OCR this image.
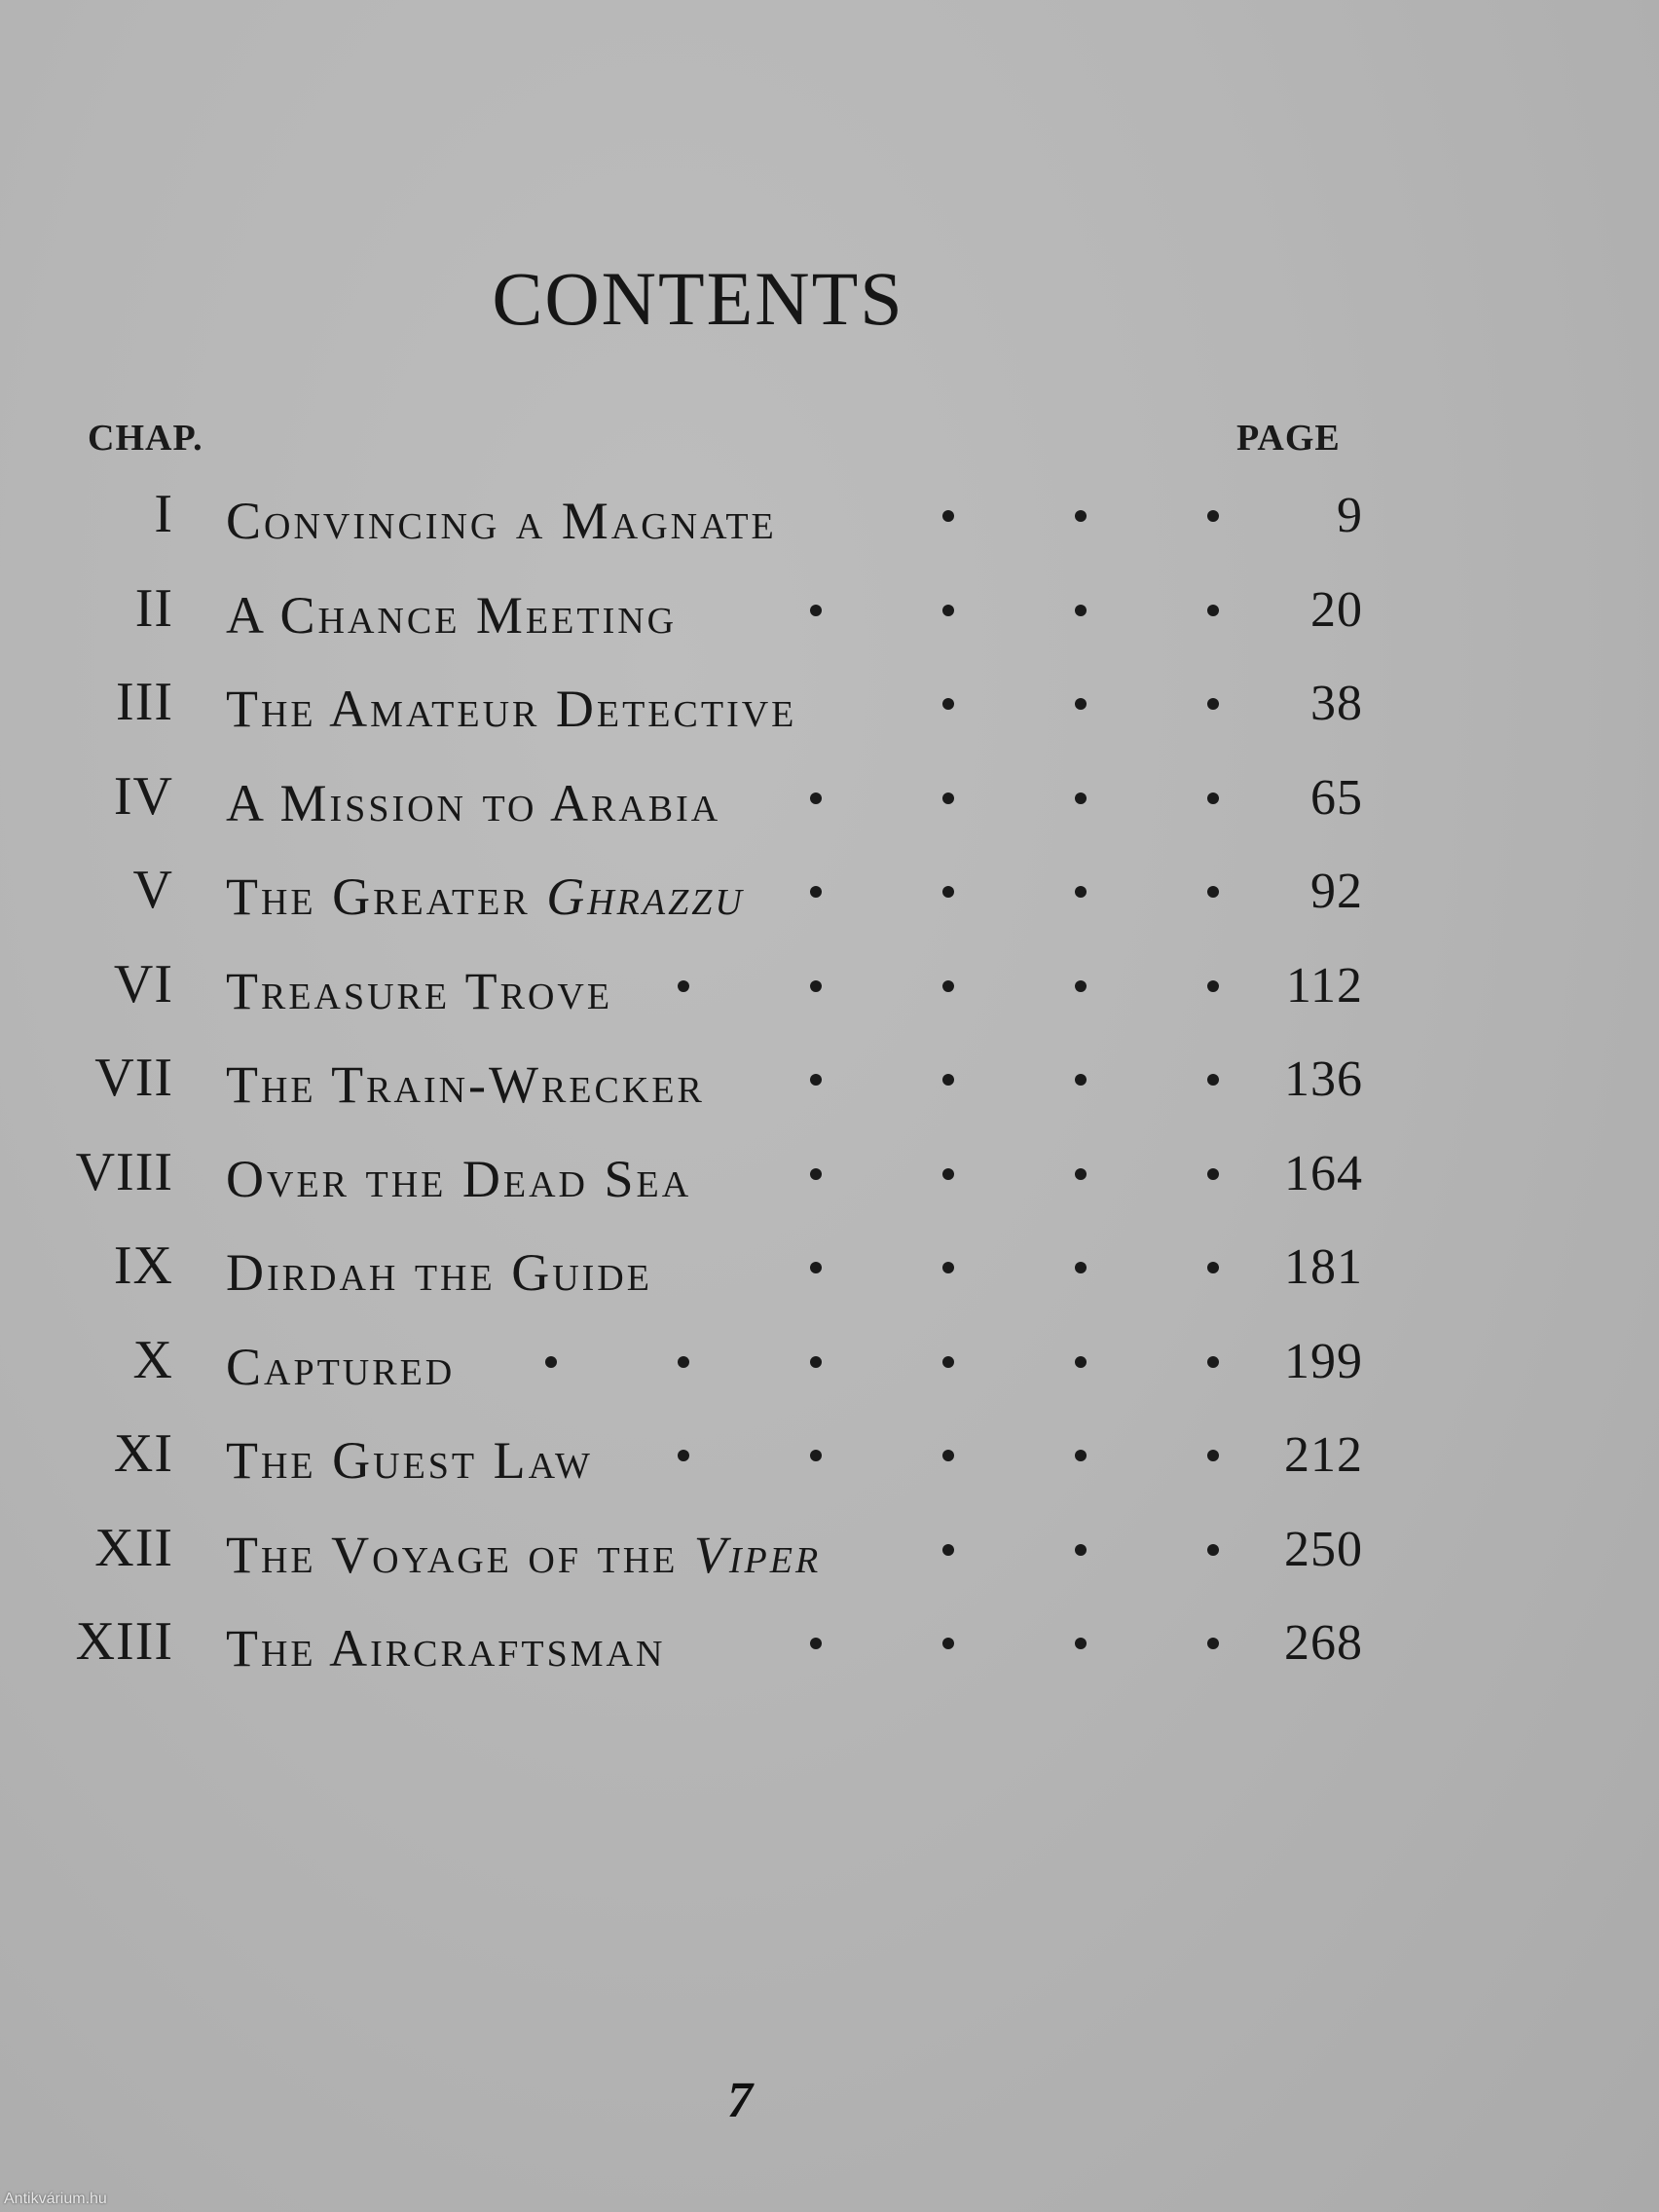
CONTENTS
CHAP.	PAGE
I Convincing a Magnate	9
II A Chance Meeting	20
III The Amateur Detective	38
IV A Mission to Arabia	65
V The Greater Ghrazzu	92
VI Treasure Trove	112
VII The Train-Wrecker	136
VIII Over the Dead Sea	164
IX Dirdah the Guide	181
X Captured	199
XI The Guest Law	212
XII The Voyage of the Viper	250
XIII The Aircraftsman	268
7
Antikvárium.hu
